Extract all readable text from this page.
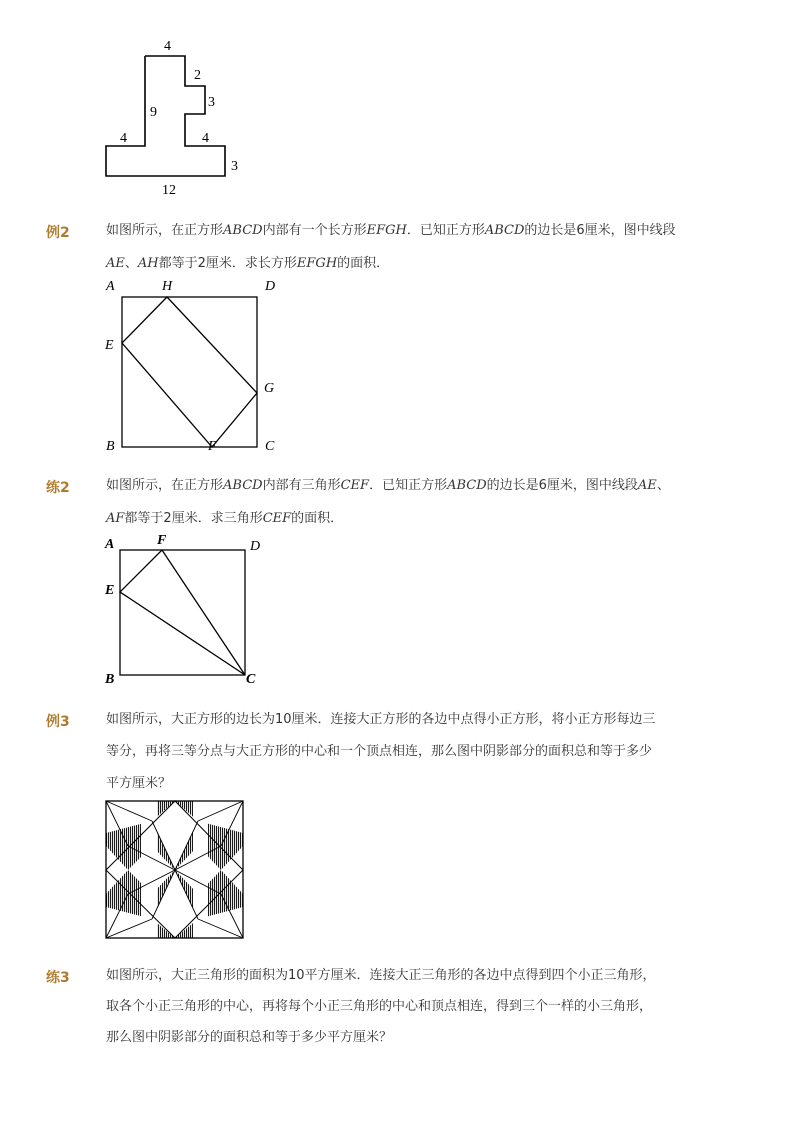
4
2
3
9
4	4
3
12
例2	如图所示，在正方形ABCD内部有一个长方形EFGH．已知正方形ABCD的边长是6厘米，图中线段
AE、AH都等于2厘米．求长方形EFGH的面积．
A	H	D
E
G
B	F	C
练2	如图所示，在正方形ABCD内部有三角形CEF．已知正方形ABCD的边长是6厘米，图中线段AE、
AF都等于2厘米．求三角形CEF的面积．
A	F	D
E
B	C
例3	如图所示，大正方形的边长为10厘米．连接大正方形的各边中点得小正方形，将小正方形每边三
等分，再将三等分点与大正方形的中心和一个顶点相连，那么图中阴影部分的面积总和等于多少
平方厘米？
练3	如图所示，大正三角形的面积为10平方厘米．连接大正三角形的各边中点得到四个小正三角形，
取各个小正三角形的中心，再将每个小正三角形的中心和顶点相连，得到三个一样的小三角形，
那么图中阴影部分的面积总和等于多少平方厘米？
